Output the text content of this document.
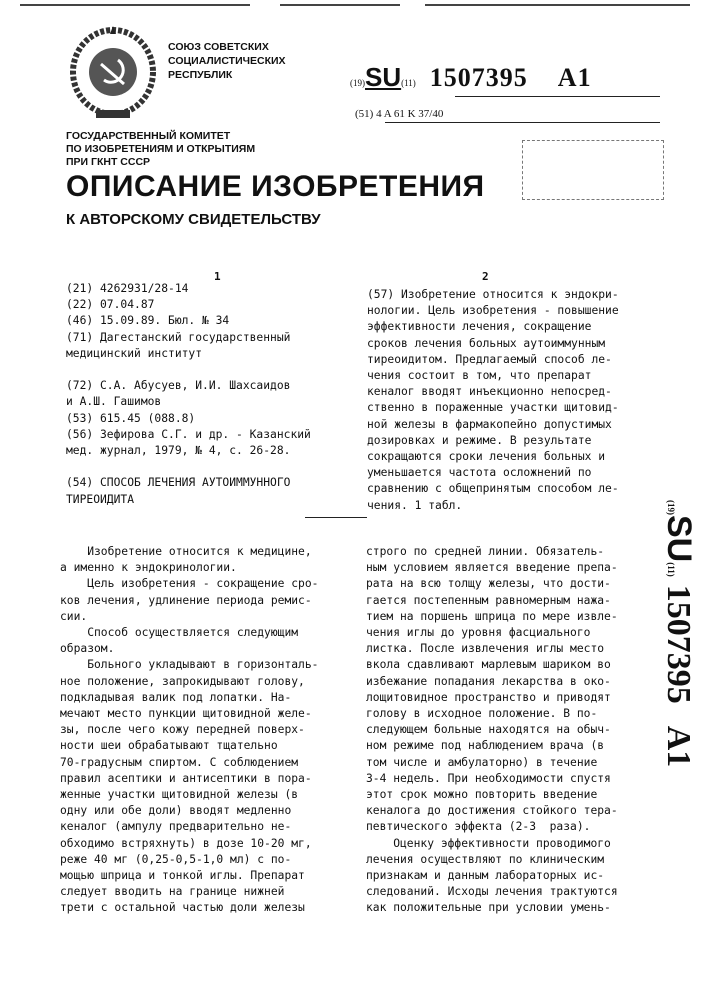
СОЮЗ СОВЕТСКИХ
СОЦИАЛИСТИЧЕСКИХ
РЕСПУБЛИК
(19)SU(11) 1507395 A1
(51) 4 A 61 K 37/40
ГОСУДАРСТВЕННЫЙ КОМИТЕТ
ПО ИЗОБРЕТЕНИЯМ И ОТКРЫТИЯМ
ПРИ ГКНТ СССР
ОПИСАНИЕ ИЗОБРЕТЕНИЯ
К АВТОРСКОМУ СВИДЕТЕЛЬСТВУ
1	2
(21) 4262931/28-14
(22) 07.04.87
(46) 15.09.89. Бюл. № 34
(71) Дагестанский государственный
медицинский институт
(72) С.А. Абусуев, И.И. Шахсаидов
и А.Ш. Гашимов
(53) 615.45 (088.8)
(56) Зефирова С.Г. и др. - Казанский
мед. журнал, 1979, № 4, с. 26-28.
(54) СПОСОБ ЛЕЧЕНИЯ АУТОИММУННОГО
ТИРЕОИДИТА
(57) Изобретение относится к эндокри-
нологии. Цель изобретения - повышение
эффективности лечения, сокращение
сроков лечения больных аутоиммунным
тиреоидитом. Предлагаемый способ ле-
чения состоит в том, что препарат
кеналог вводят инъекционно непосред-
ственно в пораженные участки щитовид-
ной железы в фармакопейно допустимых
дозировках и режиме. В результате
сокращаются сроки лечения больных и
уменьшается частота осложнений по
сравнению с общепринятым способом ле-
чения. 1 табл.
Изобретение относится к медицине,
а именно к эндокринологии.
Цель изобретения - сокращение сро-
ков лечения, удлинение периода ремис-
сии.
Способ осуществляется следующим
образом.
Больного укладывают в горизонталь-
ное положение, запрокидывают голову,
подкладывая валик под лопатки. На-
мечают место пункции щитовидной желе-
зы, после чего кожу передней поверх-
ности шеи обрабатывают тщательно
70-градусным спиртом. С соблюдением
правил асептики и антисептики в пора-
женные участки щитовидной железы (в
одну или обе доли) вводят медленно
кеналог (ампулу предварительно не-
обходимо встряхнуть) в дозе 10-20 мг,
реже 40 мг (0,25-0,5-1,0 мл) с по-
мощью шприца и тонкой иглы. Препарат
следует вводить на границе нижней
трети с остальной частью доли железы
строго по средней линии. Обязатель-
ным условием является введение препа-
рата на всю толщу железы, что дости-
гается постепенным равномерным нажа-
тием на поршень шприца по мере извле-
чения иглы до уровня фасциального
листка. После извлечения иглы место
вкола сдавливают марлевым шариком во
избежание попадания лекарства в око-
лощитовидное пространство и приводят
голову в исходное положение. В по-
следующем больные находятся на обыч-
ном режиме под наблюдением врача (в
том числе и амбулаторно) в течение
3-4 недель. При необходимости спустя
этот срок можно повторить введение
кеналога до достижения стойкого тера-
певтического эффекта (2-3  раза).
Оценку эффективности проводимого
лечения осуществляют по клиническим
признакам и данным лабораторных ис-
следований. Исходы лечения трактуются
как положительные при условии умень-
(19)SU(11)1507395A1
